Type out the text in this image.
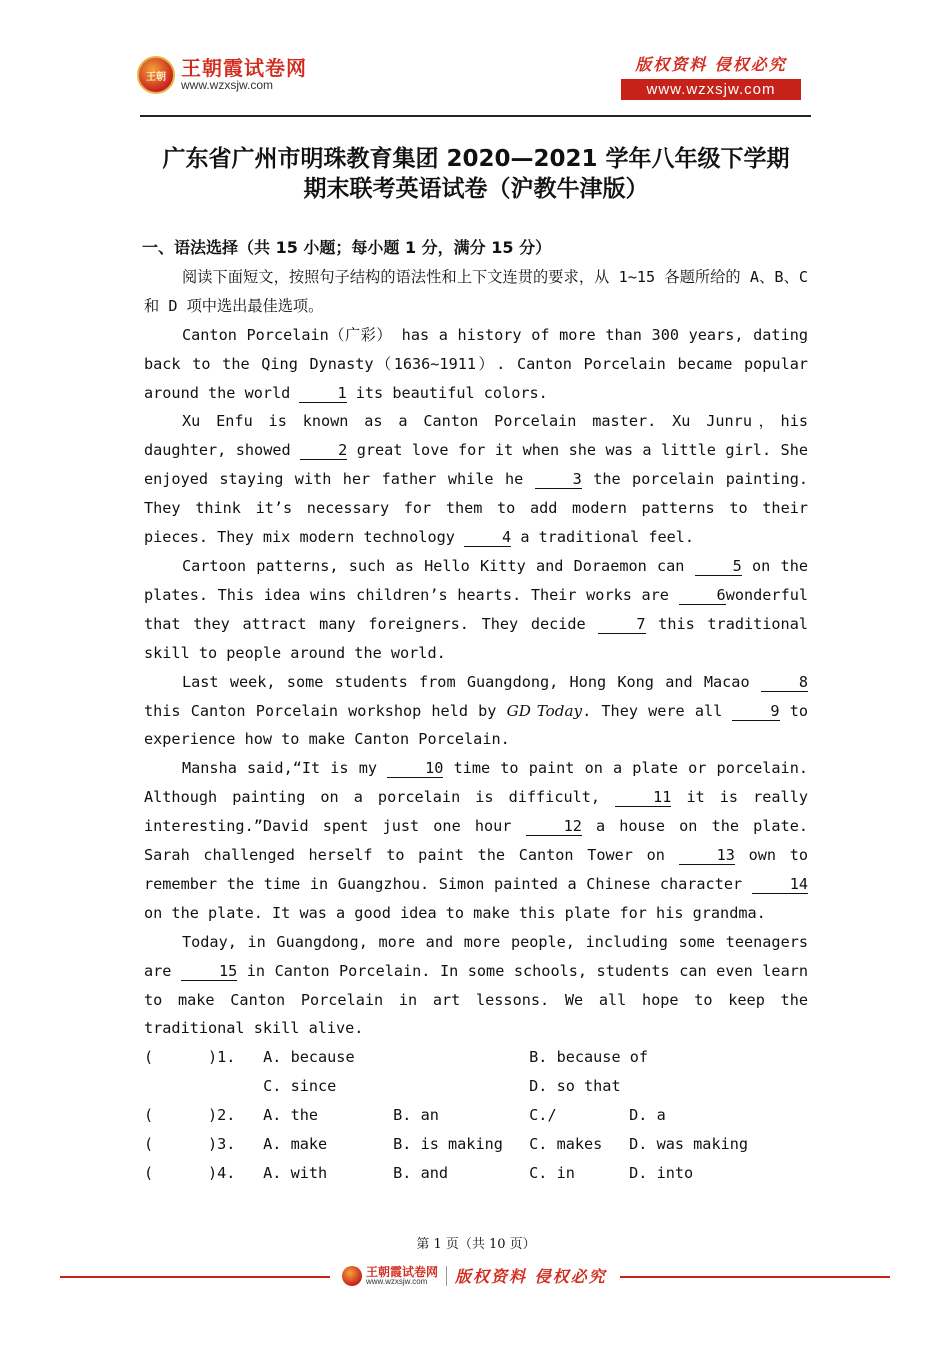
王朝 王朝霞试卷网
www.wzxsjw.com
版权资料 侵权必究
www.wzxsjw.com
广东省广州市明珠教育集团 2020—2021 学年八年级下学期
期末联考英语试卷（沪教牛津版）
一、语法选择（共 15 小题；每小题 1 分，满分 15 分）

阅读下面短文，按照句子结构的语法性和上下文连贯的要求，从 1~15 各题所给的 A、B、C 和 D 项中选出最佳选项。

Canton Porcelain（广彩） has a history of more than 300 years, dating back to the Qing Dynasty（1636~1911）. Canton Porcelain became popular around the world	1 its beautiful colors.

Xu Enfu is known as a Canton Porcelain master. Xu Junru，his daughter, showed	2 great love for it when she was a little girl. She enjoyed staying with her father while he	3 the porcelain painting. They think it’s necessary for them to add modern patterns to their pieces. They mix modern technology	4 a traditional feel.

Cartoon patterns, such as Hello Kitty and Doraemon can	5 on the plates. This idea wins children’s hearts. Their works are	6wonderful that they attract many foreigners. They decide	7 this traditional skill to people around the world.

Last week, some students from Guangdong, Hong Kong and Macao	8 this Canton Porcelain workshop held by GD Today. They were all	9 to experience how to make Canton Porcelain.

Mansha said,“It is my	10 time to paint on a plate or porcelain. Although painting on a porcelain is difficult,	11 it is really interesting.”David spent just one hour	12 a house on the plate. Sarah challenged herself to paint the Canton Tower on	13 own to remember the time in Guangzhou. Simon painted a Chinese character	14 on the plate. It was a good idea to make this plate for his grandma.

Today, in Guangdong, more and more people, including some teenagers are	15 in Canton Porcelain. In some schools, students can even learn to make Canton Porcelain in art lessons. We all hope to keep the traditional skill alive.

(      )	1.	A. because	B. because of
		C. since	D. so that
(      )	2.	A. the B. an C./ D. a	
(      )	3.	A. make B. is making C. makes D. was making	
(      )	4.	A. with B. and C. in D. into	
第 1 页（共 10 页）
王朝霞试卷网
www.wzxsjw.com	版权资料 侵权必究
